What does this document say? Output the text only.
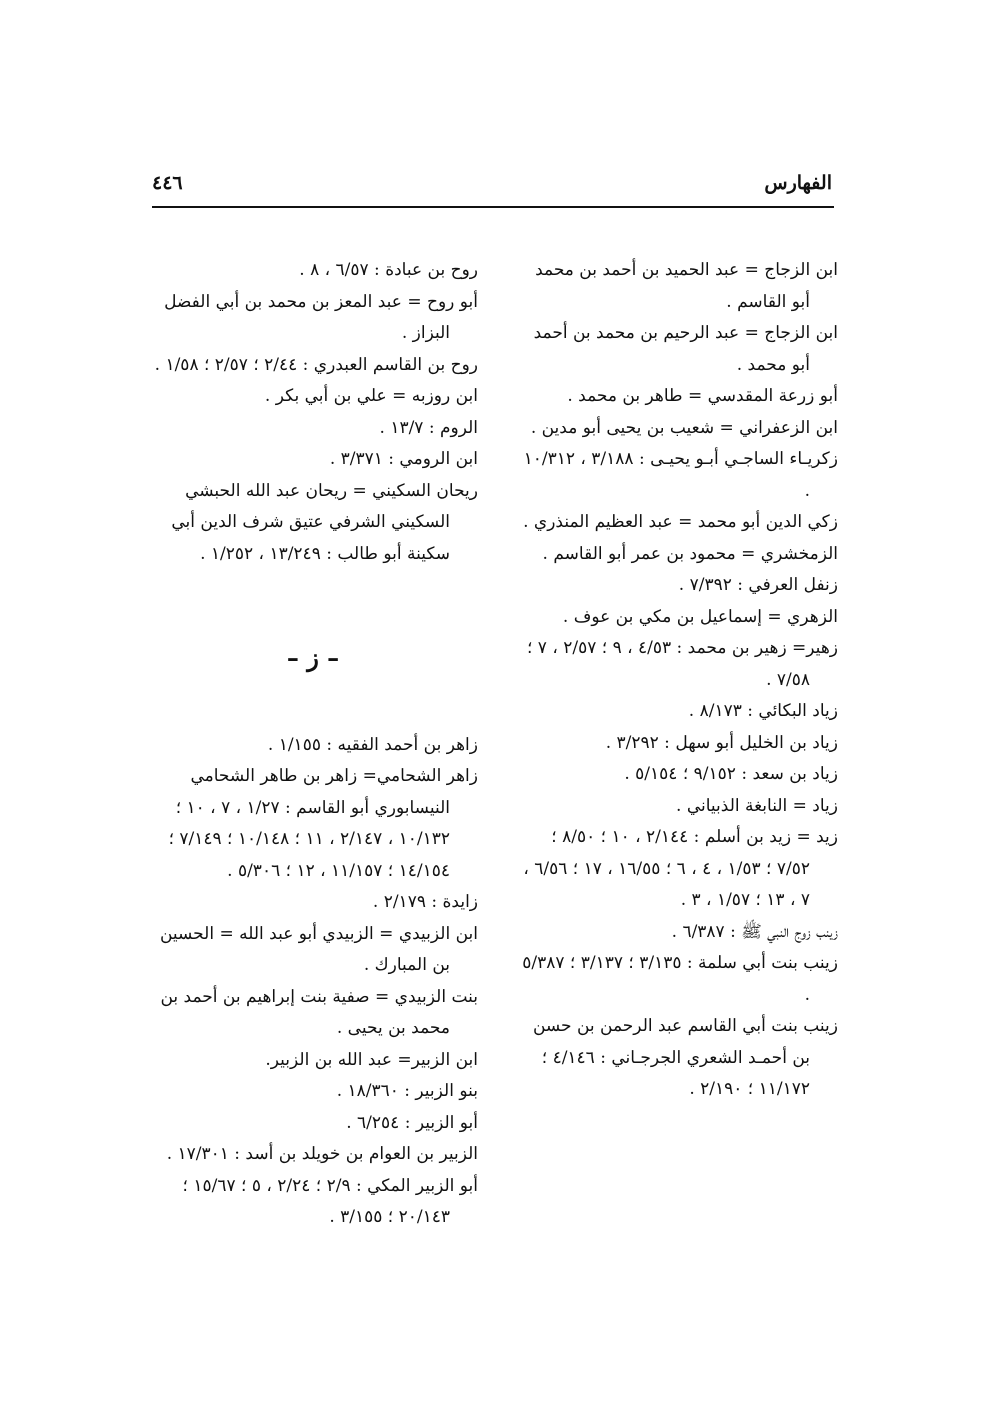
الفهارس
٤٤٦

ابن الزجاج = عبد الحميد بن أحمد بن محمد أبو القاسم .

ابن الزجاج = عبد الرحيم بن محمد بن أحمد أبو محمد .

أبو زرعة المقدسي = طاهر بن محمد .

ابن الزعفراني = شعيب بن يحيى أبو مدين .

زكريـاء الساجـي أبـو يحيـى : ٣/١٨٨ ، ١٠/٣١٢ .

زكي الدين أبو محمد = عبد العظيم المنذري .

الزمخشري = محمود بن عمر أبو القاسم .

زنفل العرفي : ٧/٣٩٢ .

الزهري = إسماعيل بن مكي بن عوف .

زهير= زهير بن محمد : ٤/٥٣ ، ٩ ؛ ٢/٥٧ ، ٧ ؛ ٧/٥٨ .

زياد البكائي : ٨/١٧٣ .

زياد بن الخليل أبو سهل : ٣/٢٩٢ .

زياد بن سعد : ٩/١٥٢ ؛ ٥/١٥٤ .

زياد = النابغة الذبياني .

زيد = زيد بن أسلم : ٢/١٤٤ ، ١٠ ؛ ٨/٥٠ ؛ ٧/٥٢ ؛ ١/٥٣ ، ٤ ، ٦ ؛ ١٦/٥٥ ، ١٧ ؛ ٦/٥٦ ، ٧ ، ١٣ ؛ ١/٥٧ ، ٣ .

زينب زوج النبي ﷺ : ٦/٣٨٧ .

زينب بنت أبي سلمة : ٣/١٣٥ ؛ ٣/١٣٧ ؛ ٥/٣٨٧ .

زينب بنت أبي القاسم عبد الرحمن بن حسن بن أحمـد الشعري الجرجـاني : ٤/١٤٦ ؛ ١١/١٧٢ ؛ ٢/١٩٠ .

روح بن عبادة : ٦/٥٧ ، ٨ .

أبو روح = عبد المعز بن محمد بن أبي الفضل البزاز .

روح بن القاسم العبدري : ٢/٤٤ ؛ ٢/٥٧ ؛ ١/٥٨ .

ابن روزبه = علي بن أبي بكر .

الروم : ١٣/٧ .

ابن الرومي : ٣/٣٧١ .

ريحان السكيني = ريحان عبد الله الحبشي السكيني الشرفي عتيق شرف الدين أبي سكينة أبو طالب : ١٣/٢٤٩ ، ١/٢٥٢ .

– ز –

زاهر بن أحمد الفقيه : ١/١٥٥ .

زاهر الشحامي= زاهر بن طاهر الشحامي النيسابوري أبو القاسم : ١/٢٧ ، ٧ ، ١٠ ؛ ١٠/١٣٢ ، ٢/١٤٧ ، ١١ ؛ ١٠/١٤٨ ؛ ٧/١٤٩ ؛ ١٤/١٥٤ ؛ ١١/١٥٧ ، ١٢ ؛ ٥/٣٠٦ .

زايدة : ٢/١٧٩ .

ابن الزبيدي = الزبيدي أبو عبد الله = الحسين بن المبارك .

بنت الزبيدي = صفية بنت إبراهيم بن أحمد بن محمد بن يحيى .

ابن الزبير= عبد الله بن الزبير.

بنو الزبير : ١٨/٣٦٠ .

أبو الزبير : ٦/٢٥٤ .

الزبير بن العوام بن خويلد بن أسد : ١٧/٣٠١ .

أبو الزبير المكي : ٢/٩ ؛ ٢/٢٤ ، ٥ ؛ ١٥/٦٧ ؛ ٢٠/١٤٣ ؛ ٣/١٥٥ .
